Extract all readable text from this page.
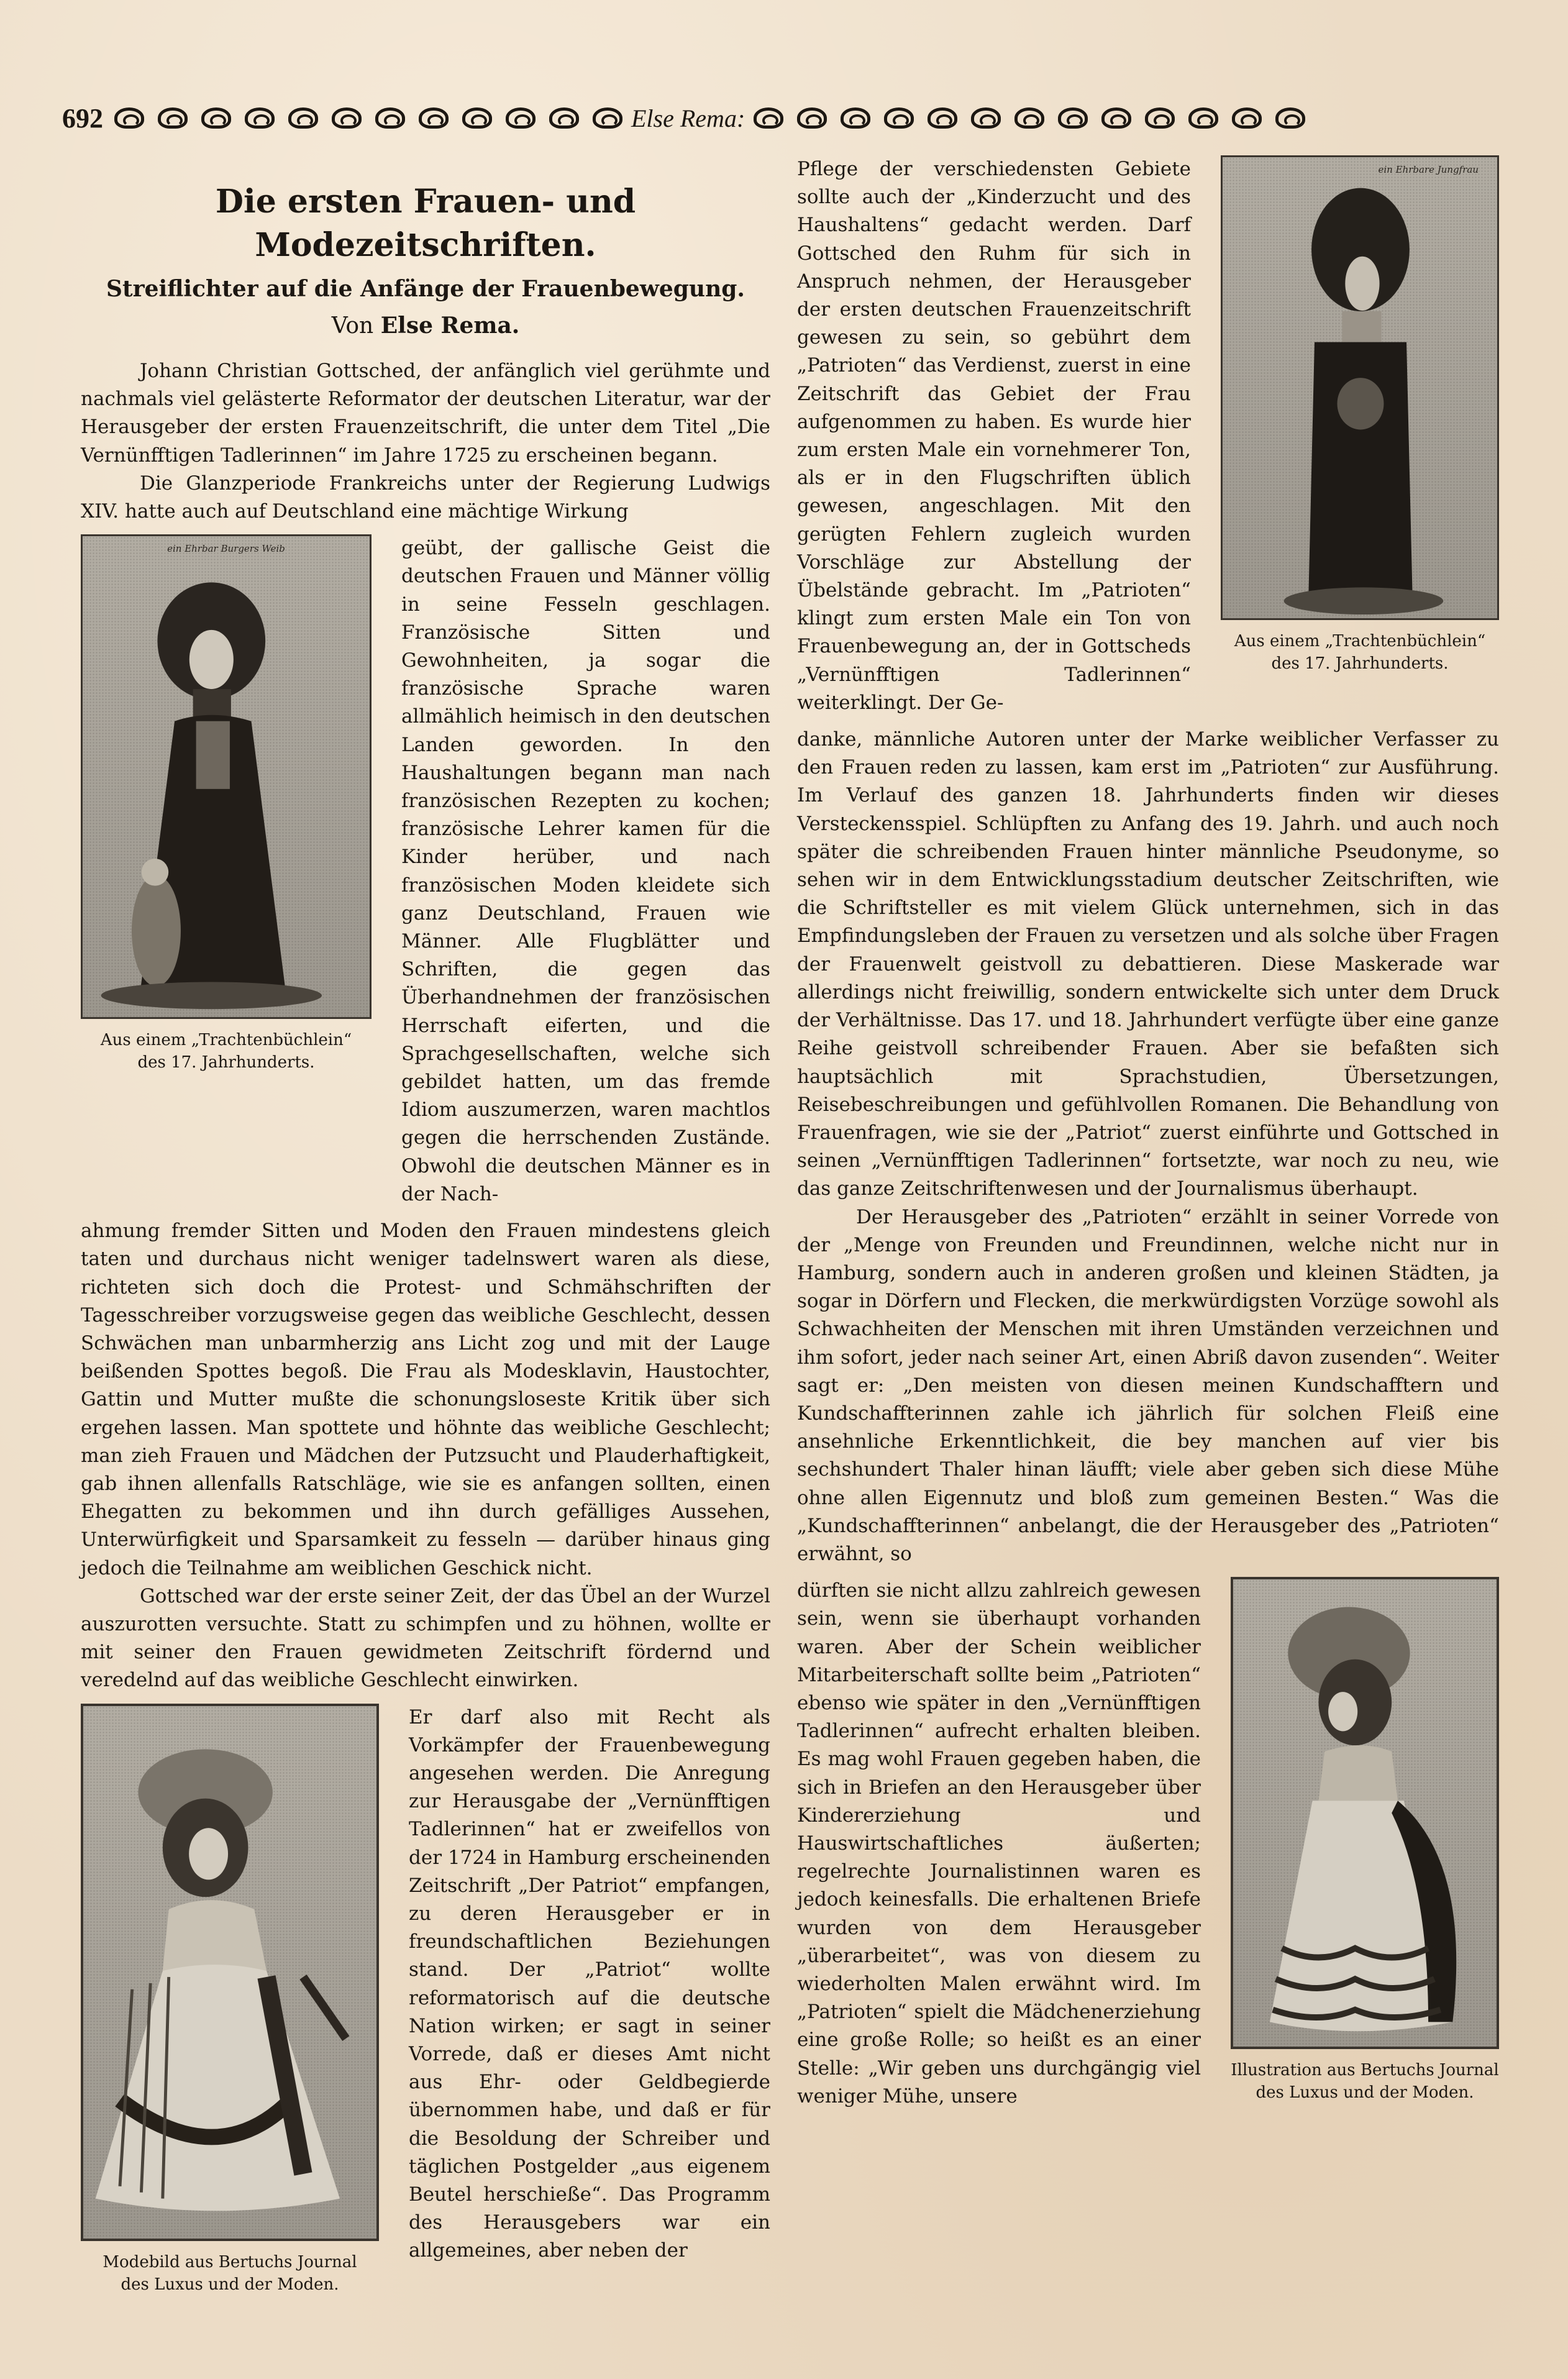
692	Else Rema:
Die ersten Frauen- und Modezeitschriften.
Streiflichter auf die Anfänge der Frauenbewegung.
Von Else Rema.

Johann Christian Gottsched, der anfänglich viel gerühmte und nachmals viel gelästerte Reformator der deutschen Literatur, war der Herausgeber der ersten Frauenzeitschrift, die unter dem Titel „Die Vernünfftigen Tadlerinnen“ im Jahre 1725 zu erscheinen begann.

Die Glanzperiode Frankreichs unter der Regierung Ludwigs XIV. hatte auch auf Deutschland eine mächtige Wirkung

ein Ehrbar Burgers Weib
Aus einem „Trachtenbüchlein“
des 17. Jahrhunderts.

geübt, der gallische Geist die deutschen Frauen und Männer völlig in seine Fesseln geschlagen. Französische Sitten und Gewohnheiten, ja sogar die französische Sprache waren allmählich heimisch in den deutschen Landen geworden. In den Haushaltungen begann man nach französischen Rezepten zu kochen; französische Lehrer kamen für die Kinder herüber, und nach französischen Moden kleidete sich ganz Deutschland, Frauen wie Männer. Alle Flugblätter und Schriften, die gegen das Überhandnehmen der französischen Herrschaft eiferten, und die Sprachgesellschaften, welche sich gebildet hatten, um das fremde Idiom auszumerzen, waren machtlos gegen die herrschenden Zustände. Obwohl die deutschen Männer es in der Nach-

ahmung fremder Sitten und Moden den Frauen mindestens gleich taten und durchaus nicht weniger tadelnswert waren als diese, richteten sich doch die Protest- und Schmähschriften der Tagesschreiber vorzugsweise gegen das weibliche Geschlecht, dessen Schwächen man unbarmherzig ans Licht zog und mit der Lauge beißenden Spottes begoß. Die Frau als Modesklavin, Haustochter, Gattin und Mutter mußte die schonungsloseste Kritik über sich ergehen lassen. Man spottete und höhnte das weibliche Geschlecht; man zieh Frauen und Mädchen der Putzsucht und Plauderhaftigkeit, gab ihnen allenfalls Ratschläge, wie sie es anfangen sollten, einen Ehegatten zu bekommen und ihn durch gefälliges Aussehen, Unterwürfigkeit und Sparsamkeit zu fesseln — darüber hinaus ging jedoch die Teilnahme am weiblichen Geschick nicht.

Gottsched war der erste seiner Zeit, der das Übel an der Wurzel auszurotten versuchte. Statt zu schimpfen und zu höhnen, wollte er mit seiner den Frauen gewidmeten Zeitschrift fördernd und veredelnd auf das weibliche Geschlecht einwirken.

Modebild aus Bertuchs Journal
des Luxus und der Moden.

Er darf also mit Recht als Vorkämpfer der Frauenbewegung angesehen werden. Die Anregung zur Herausgabe der „Vernünfftigen Tadlerinnen“ hat er zweifellos von der 1724 in Hamburg erscheinenden Zeitschrift „Der Patriot“ empfangen, zu deren Herausgeber er in freundschaftlichen Beziehungen stand. Der „Patriot“ wollte reformatorisch auf die deutsche Nation wirken; er sagt in seiner Vorrede, daß er dieses Amt nicht aus Ehr- oder Geldbegierde übernommen habe, und daß er für die Besoldung der Schreiber und täglichen Postgelder „aus eigenem Beutel herschieße“. Das Programm des Herausgebers war ein allgemeines, aber neben der

Pflege der verschiedensten Gebiete sollte auch der „Kinderzucht und des Haushaltens“ gedacht werden. Darf Gottsched den Ruhm für sich in Anspruch nehmen, der Herausgeber der ersten deutschen Frauenzeitschrift gewesen zu sein, so gebührt dem „Patrioten“ das Verdienst, zuerst in eine Zeitschrift das Gebiet der Frau aufgenommen zu haben. Es wurde hier zum ersten Male ein vornehmerer Ton, als er in den Flugschriften üblich gewesen, angeschlagen. Mit den gerügten Fehlern zugleich wurden Vorschläge zur Abstellung der Übelstände gebracht. Im „Patrioten“ klingt zum ersten Male ein Ton von Frauenbewegung an, der in Gottscheds „Vernünfftigen Tadlerinnen“ weiterklingt. Der Ge-

ein Ehrbare Jungfrau
Aus einem „Trachtenbüchlein“
des 17. Jahrhunderts.

danke, männliche Autoren unter der Marke weiblicher Verfasser zu den Frauen reden zu lassen, kam erst im „Patrioten“ zur Ausführung. Im Verlauf des ganzen 18. Jahrhunderts finden wir dieses Versteckensspiel. Schlüpften zu Anfang des 19. Jahrh. und auch noch später die schreibenden Frauen hinter männliche Pseudonyme, so sehen wir in dem Entwicklungsstadium deutscher Zeitschriften, wie die Schriftsteller es mit vielem Glück unternehmen, sich in das Empfindungsleben der Frauen zu versetzen und als solche über Fragen der Frauenwelt geistvoll zu debattieren. Diese Maskerade war allerdings nicht freiwillig, sondern entwickelte sich unter dem Druck der Verhältnisse. Das 17. und 18. Jahrhundert verfügte über eine ganze Reihe geistvoll schreibender Frauen. Aber sie befaßten sich hauptsächlich mit Sprachstudien, Übersetzungen, Reisebeschreibungen und gefühlvollen Romanen. Die Behandlung von Frauenfragen, wie sie der „Patriot“ zuerst einführte und Gottsched in seinen „Vernünfftigen Tadlerinnen“ fortsetzte, war noch zu neu, wie das ganze Zeitschriftenwesen und der Journalismus überhaupt.

Der Herausgeber des „Patrioten“ erzählt in seiner Vorrede von der „Menge von Freunden und Freundinnen, welche nicht nur in Hamburg, sondern auch in anderen großen und kleinen Städten, ja sogar in Dörfern und Flecken, die merkwürdigsten Vorzüge sowohl als Schwachheiten der Menschen mit ihren Umständen verzeichnen und ihm sofort, jeder nach seiner Art, einen Abriß davon zusenden“. Weiter sagt er: „Den meisten von diesen meinen Kundschafftern und Kundschaffterinnen zahle ich jährlich für solchen Fleiß eine ansehnliche Erkenntlichkeit, die bey manchen auf vier bis sechshundert Thaler hinan läufft; viele aber geben sich diese Mühe ohne allen Eigennutz und bloß zum gemeinen Besten.“ Was die „Kundschaffterinnen“ anbelangt, die der Herausgeber des „Patrioten“ erwähnt, so

dürften sie nicht allzu zahlreich gewesen sein, wenn sie überhaupt vorhanden waren. Aber der Schein weiblicher Mitarbeiterschaft sollte beim „Patrioten“ ebenso wie später in den „Vernünfftigen Tadlerinnen“ aufrecht erhalten bleiben. Es mag wohl Frauen gegeben haben, die sich in Briefen an den Herausgeber über Kindererziehung und Hauswirtschaftliches äußerten; regelrechte Journalistinnen waren es jedoch keinesfalls. Die erhaltenen Briefe wurden von dem Herausgeber „überarbeitet“, was von diesem zu wiederholten Malen erwähnt wird. Im „Patrioten“ spielt die Mädchenerziehung eine große Rolle; so heißt es an einer Stelle: „Wir geben uns durchgängig viel weniger Mühe, unsere

Illustration aus Bertuchs Journal
des Luxus und der Moden.
